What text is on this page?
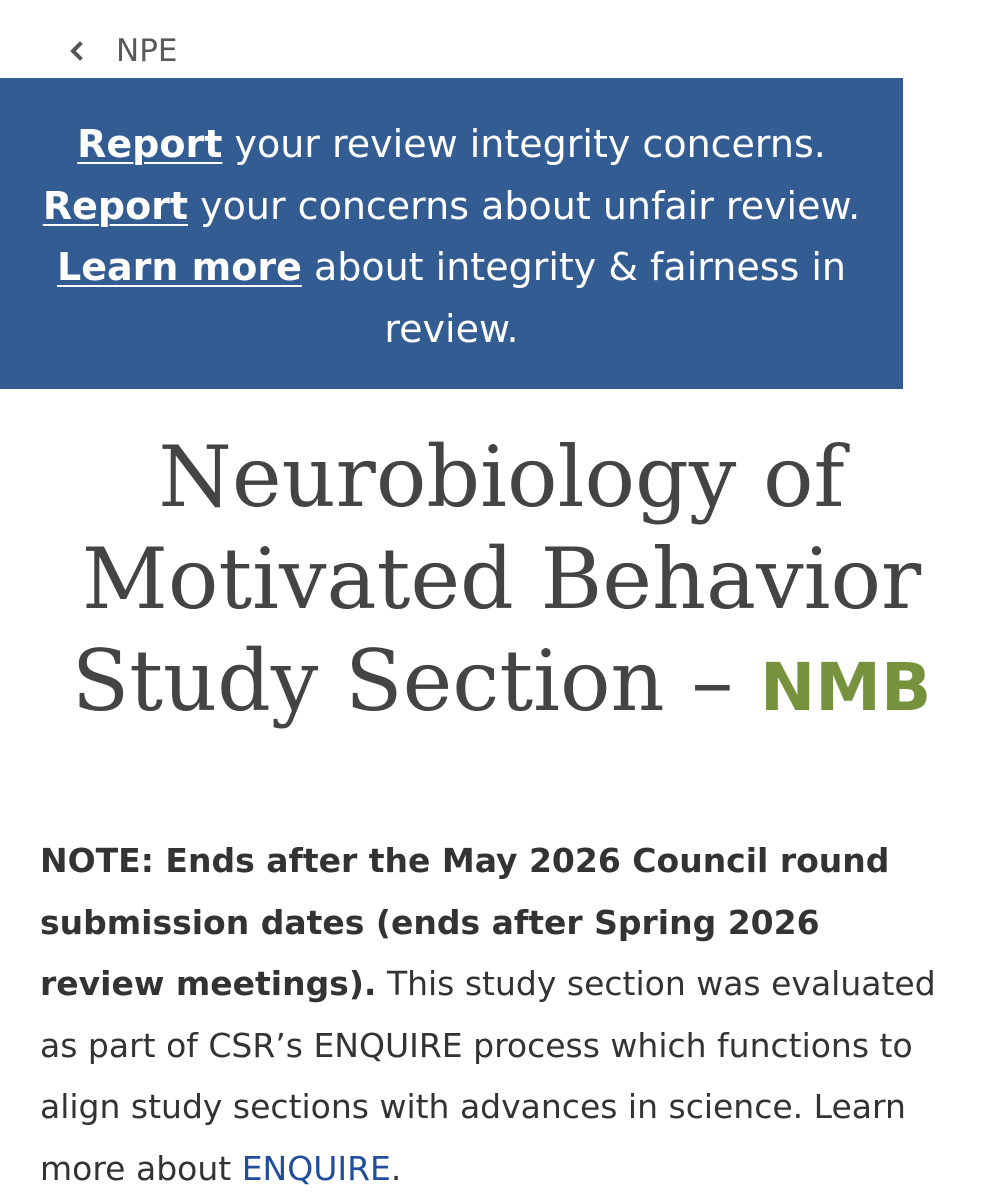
NPE
Report your review integrity concerns. Report your concerns about unfair review. Learn more about integrity & fairness in review.
Neurobiology of
Motivated Behavior
Study Section – NMB

NOTE: Ends after the May 2026 Council round submission dates (ends after Spring 2026 review meetings). This study section was evaluated as part of CSR’s ENQUIRE process which functions to align study sections with advances in science. Learn more about ENQUIRE.
